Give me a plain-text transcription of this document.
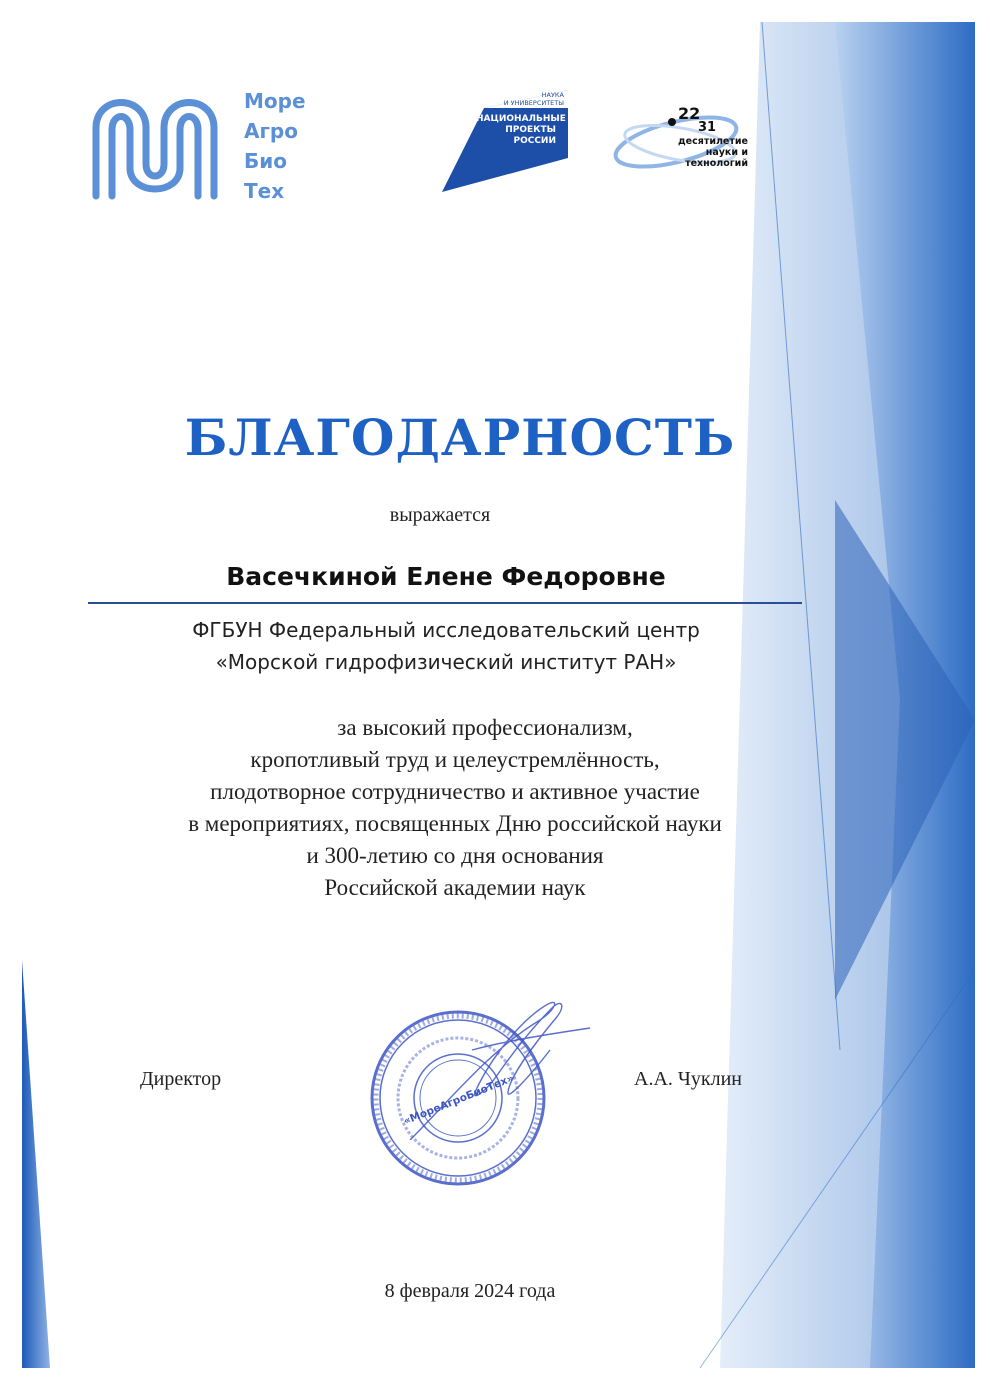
Море
Агро
Био
Тех
НАУКА
И УНИВЕРСИТЕТЫ
НАЦИОНАЛЬНЫЕ
ПРОЕКТЫ
РОССИИ
22
31
десятилетие
науки и технологий
БЛАГОДАРНОСТЬ
выражается
Васечкиной Елене Федоровне
ФГБУН Федеральный исследовательский центр
«Морской гидрофизический институт РАН»
за высокий профессионализм,
кропотливый труд и целеустремлённость,
плодотворное сотрудничество и активное участие
в мероприятиях, посвященных Дню российской науки
и 300-летию со дня основания
Российской академии наук
«МореАгроБиоТех»
Директор	А.А. Чуклин
8 февраля 2024 года
